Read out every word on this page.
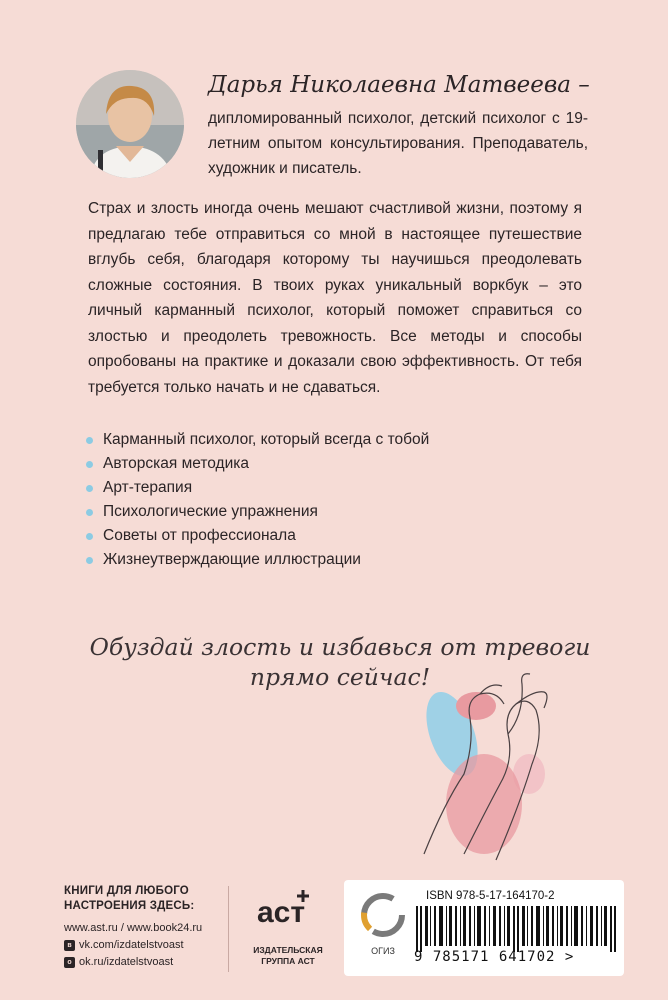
Дарья Николаевна Матвеева –
дипломированный психолог, детский психолог с 19-летним опытом консультирования. Преподаватель, художник и писатель.
Страх и злость иногда очень мешают счастливой жизни, поэтому я предлагаю тебе отправиться со мной в настоящее путешествие вглубь себя, благодаря которому ты научишься преодолевать сложные состояния. В твоих руках уникальный воркбук – это личный карманный психолог, который поможет справиться со злостью и преодолеть тревожность. Все методы и способы опробованы на практике и доказали свою эффективность. От тебя требуется только начать и не сдаваться.
Карманный психолог, который всегда с тобой
Авторская методика
Арт-терапия
Психологические упражнения
Советы от профессионала
Жизнеутверждающие иллюстрации
Обуздай злость и избавься от тревоги
прямо сейчас!
КНИГИ ДЛЯ ЛЮБОГО
НАСТРОЕНИЯ ЗДЕСЬ:
www.ast.ru / www.book24.ru
в vk.com/izdatelstvoast
о ok.ru/izdatelstvoast
аст
ИЗДАТЕЛЬСКАЯ
ГРУППА АСТ
ОГИЗ
ISBN 978-5-17-164170-2
9 785171 641702 >
